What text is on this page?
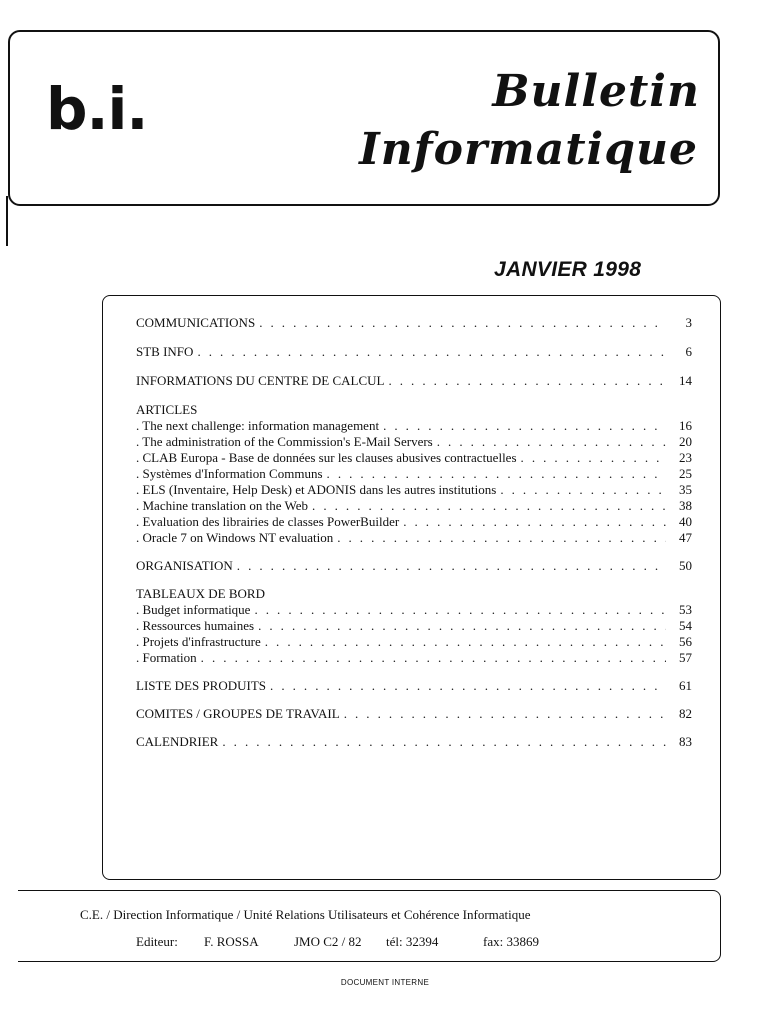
b.i.	Bulletin
Informatique
JANVIER 1998
COMMUNICATIONS . . .	3
STB INFO . . .	6
INFORMATIONS DU CENTRE DE CALCUL . . .	14
ARTICLES
. The next challenge: information management . . .	16
. The administration of the Commission's E-Mail Servers . . .	20
. CLAB Europa - Base de données sur les clauses abusives contractuelles . . .	23
. Systèmes d'Information Communs . . .	25
. ELS (Inventaire, Help Desk) et ADONIS dans les autres institutions . . .	35
. Machine translation on the Web . . .	38
. Evaluation des librairies de classes PowerBuilder . . .	40
. Oracle 7 on Windows NT evaluation . . .	47
ORGANISATION . . .	50
TABLEAUX DE BORD
. Budget informatique . . .	53
. Ressources humaines . . .	54
. Projets d'infrastructure . . .	56
. Formation . . .	57
LISTE DES PRODUITS . . .	61
COMITES / GROUPES DE TRAVAIL . . .	82
CALENDRIER . . .	83
C.E. / Direction Informatique / Unité Relations Utilisateurs et Cohérence Informatique
Editeur: F. ROSSA	JMO C2 / 82 tél: 32394	fax: 33869
DOCUMENT INTERNE
